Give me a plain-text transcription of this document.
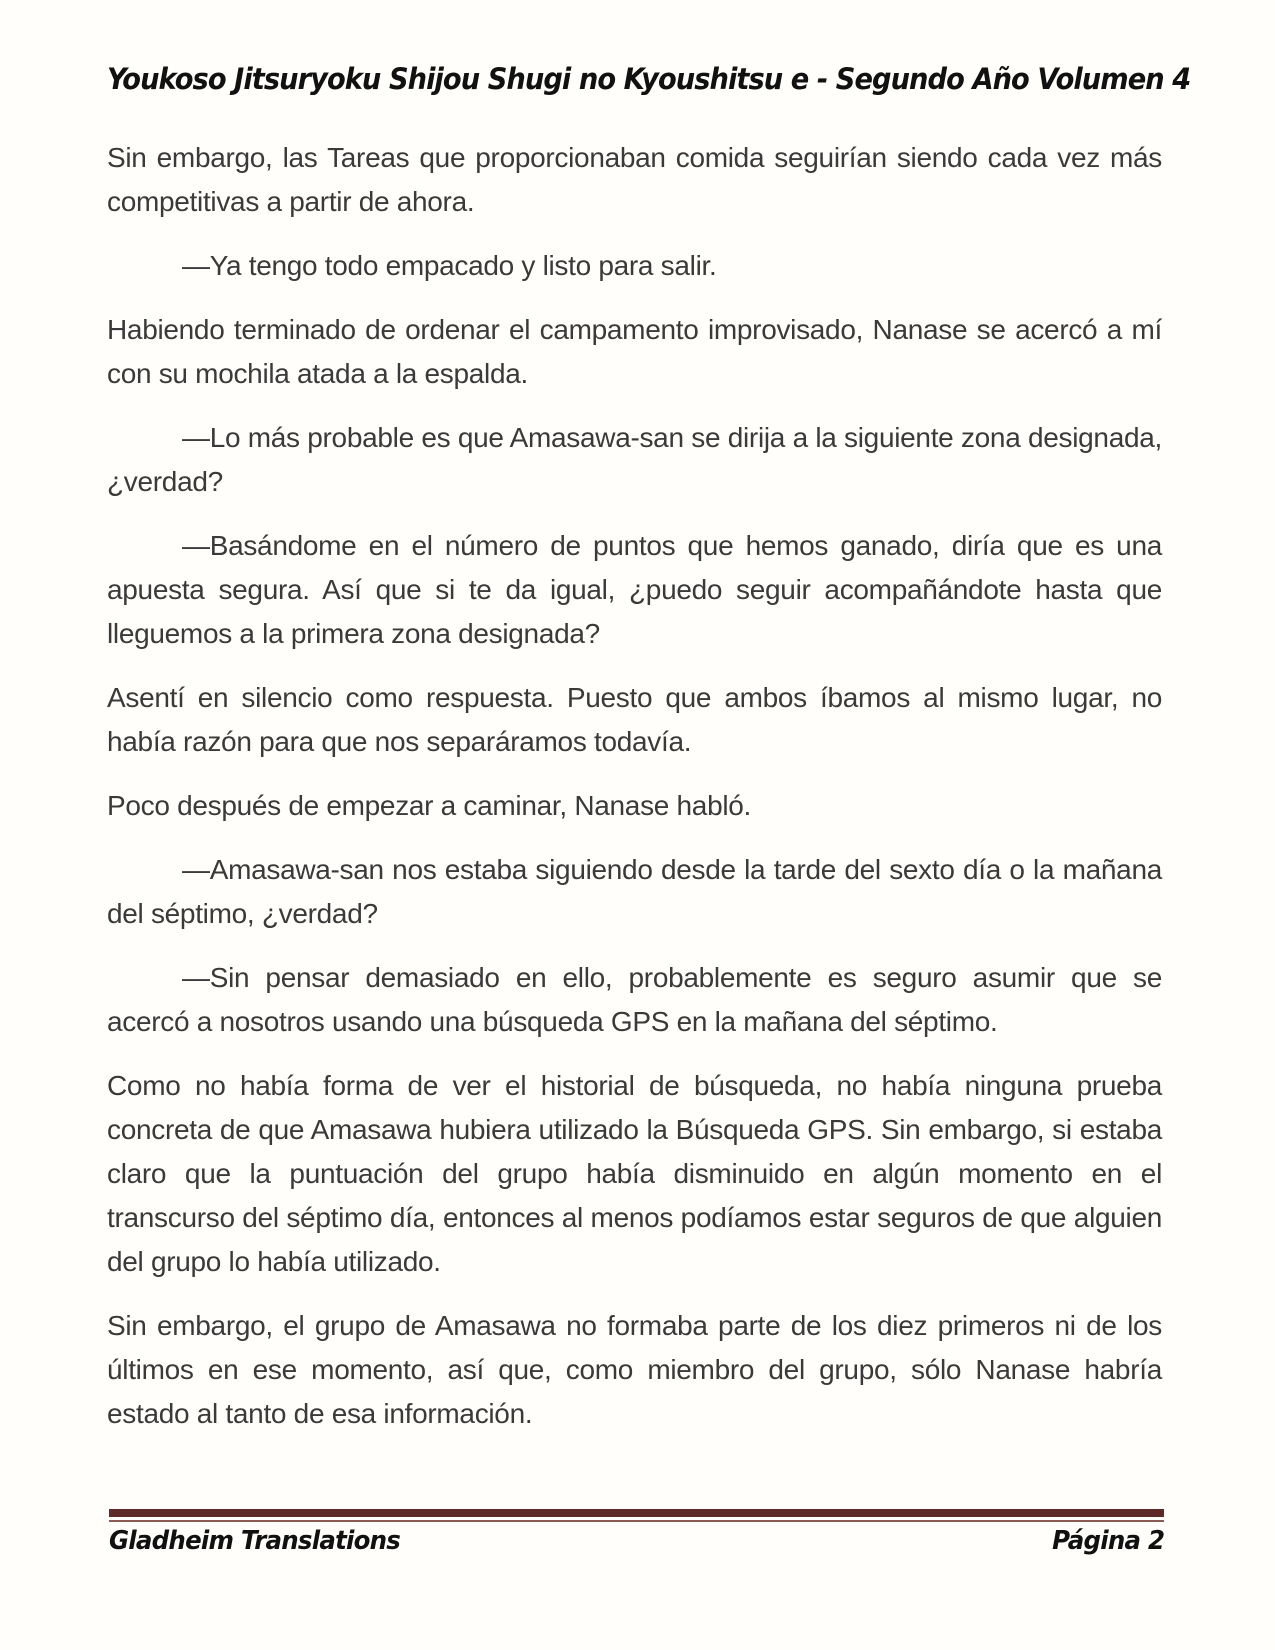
Youkoso Jitsuryoku Shijou Shugi no Kyoushitsu e - Segundo Año Volumen 4

Sin embargo, las Tareas que proporcionaban comida seguirían siendo cada vez más competitivas a partir de ahora.

—Ya tengo todo empacado y listo para salir.

Habiendo terminado de ordenar el campamento improvisado, Nanase se acercó a mí con su mochila atada a la espalda.

—Lo más probable es que Amasawa-san se dirija a la siguiente zona designada, ¿verdad?

—Basándome en el número de puntos que hemos ganado, diría que es una apuesta segura. Así que si te da igual, ¿puedo seguir acompañándote hasta que lleguemos a la primera zona designada?

Asentí en silencio como respuesta. Puesto que ambos íbamos al mismo lugar, no había razón para que nos separáramos todavía.

Poco después de empezar a caminar, Nanase habló.

—Amasawa-san nos estaba siguiendo desde la tarde del sexto día o la mañana del séptimo, ¿verdad?

—Sin pensar demasiado en ello, probablemente es seguro asumir que se acercó a nosotros usando una búsqueda GPS en la mañana del séptimo.

Como no había forma de ver el historial de búsqueda, no había ninguna prueba concreta de que Amasawa hubiera utilizado la Búsqueda GPS. Sin embargo, si estaba claro que la puntuación del grupo había disminuido en algún momento en el transcurso del séptimo día, entonces al menos podíamos estar seguros de que alguien del grupo lo había utilizado.

Sin embargo, el grupo de Amasawa no formaba parte de los diez primeros ni de los últimos en ese momento, así que, como miembro del grupo, sólo Nanase habría estado al tanto de esa información.

Gladheim Translations	Página 2
